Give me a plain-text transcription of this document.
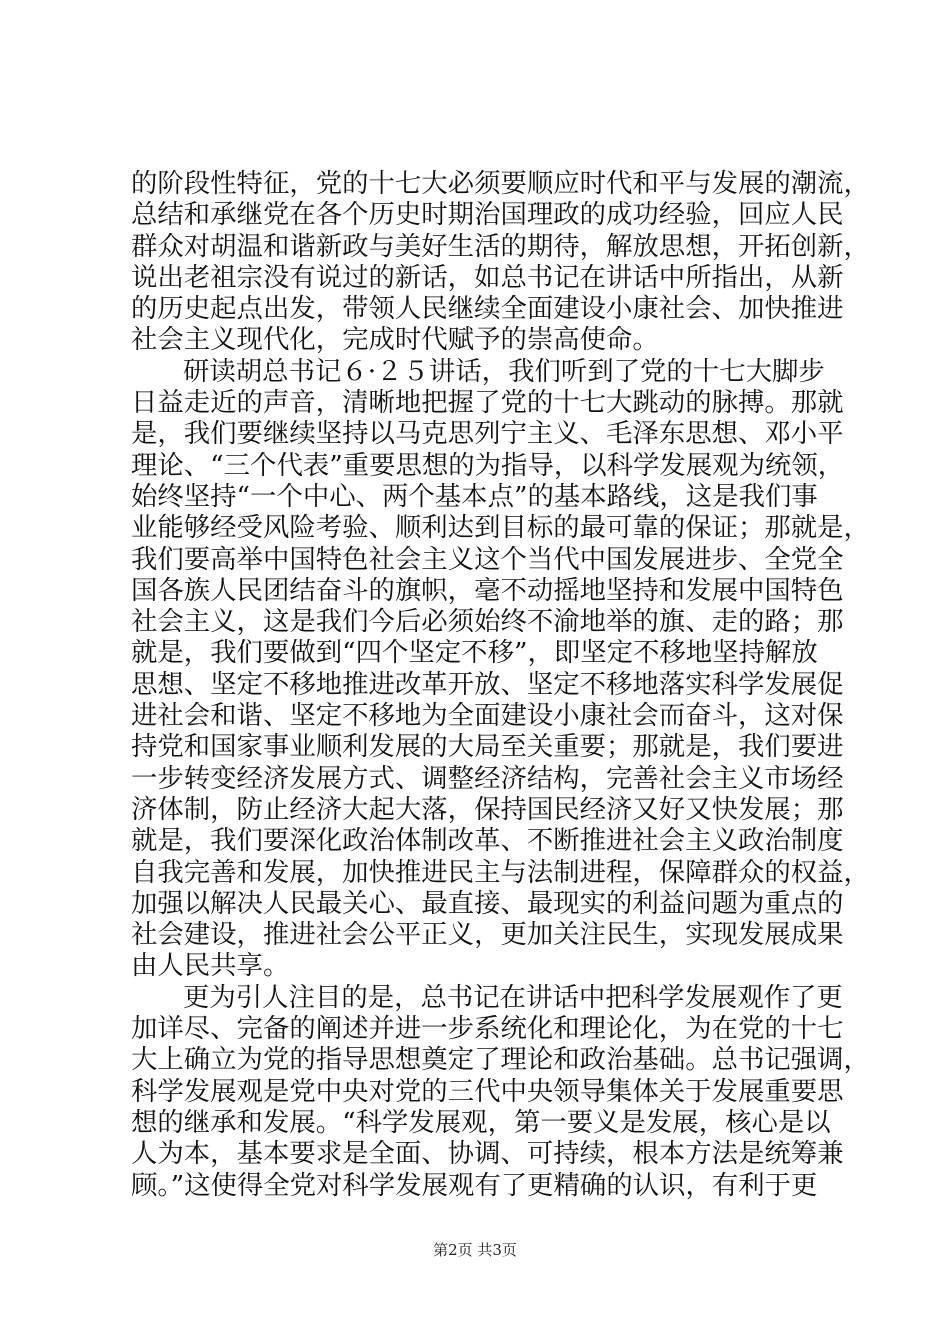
的阶段性特征，党的十七大必须要顺应时代和平与发展的潮流，
总结和承继党在各个历史时期治国理政的成功经验，回应人民
群众对胡温和谐新政与美好生活的期待，解放思想，开拓创新，
说出老祖宗没有说过的新话，如总书记在讲话中所指出，从新
的历史起点出发，带领人民继续全面建设小康社会、加快推进
社会主义现代化，完成时代赋予的崇高使命。
研读胡总书记６·２５讲话，我们听到了党的十七大脚步
日益走近的声音，清晰地把握了党的十七大跳动的脉搏。那就
是，我们要继续坚持以马克思列宁主义、毛泽东思想、邓小平
理论、“三个代表”重要思想的为指导，以科学发展观为统领，
始终坚持“一个中心、两个基本点”的基本路线，这是我们事
业能够经受风险考验、顺利达到目标的最可靠的保证；那就是，
我们要高举中国特色社会主义这个当代中国发展进步、全党全
国各族人民团结奋斗的旗帜，毫不动摇地坚持和发展中国特色
社会主义，这是我们今后必须始终不渝地举的旗、走的路；那
就是，我们要做到“四个坚定不移”，即坚定不移地坚持解放
思想、坚定不移地推进改革开放、坚定不移地落实科学发展促
进社会和谐、坚定不移地为全面建设小康社会而奋斗，这对保
持党和国家事业顺利发展的大局至关重要；那就是，我们要进
一步转变经济发展方式、调整经济结构，完善社会主义市场经
济体制，防止经济大起大落，保持国民经济又好又快发展；那
就是，我们要深化政治体制改革、不断推进社会主义政治制度
自我完善和发展，加快推进民主与法制进程，保障群众的权益，
加强以解决人民最关心、最直接、最现实的利益问题为重点的
社会建设，推进社会公平正义，更加关注民生，实现发展成果
由人民共享。
更为引人注目的是，总书记在讲话中把科学发展观作了更
加详尽、完备的阐述并进一步系统化和理论化，为在党的十七
大上确立为党的指导思想奠定了理论和政治基础。总书记强调，
科学发展观是党中央对党的三代中央领导集体关于发展重要思
想的继承和发展。“科学发展观，第一要义是发展，核心是以
人为本，基本要求是全面、协调、可持续，根本方法是统筹兼
顾。”这使得全党对科学发展观有了更精确的认识，有利于更
第2页 共3页
